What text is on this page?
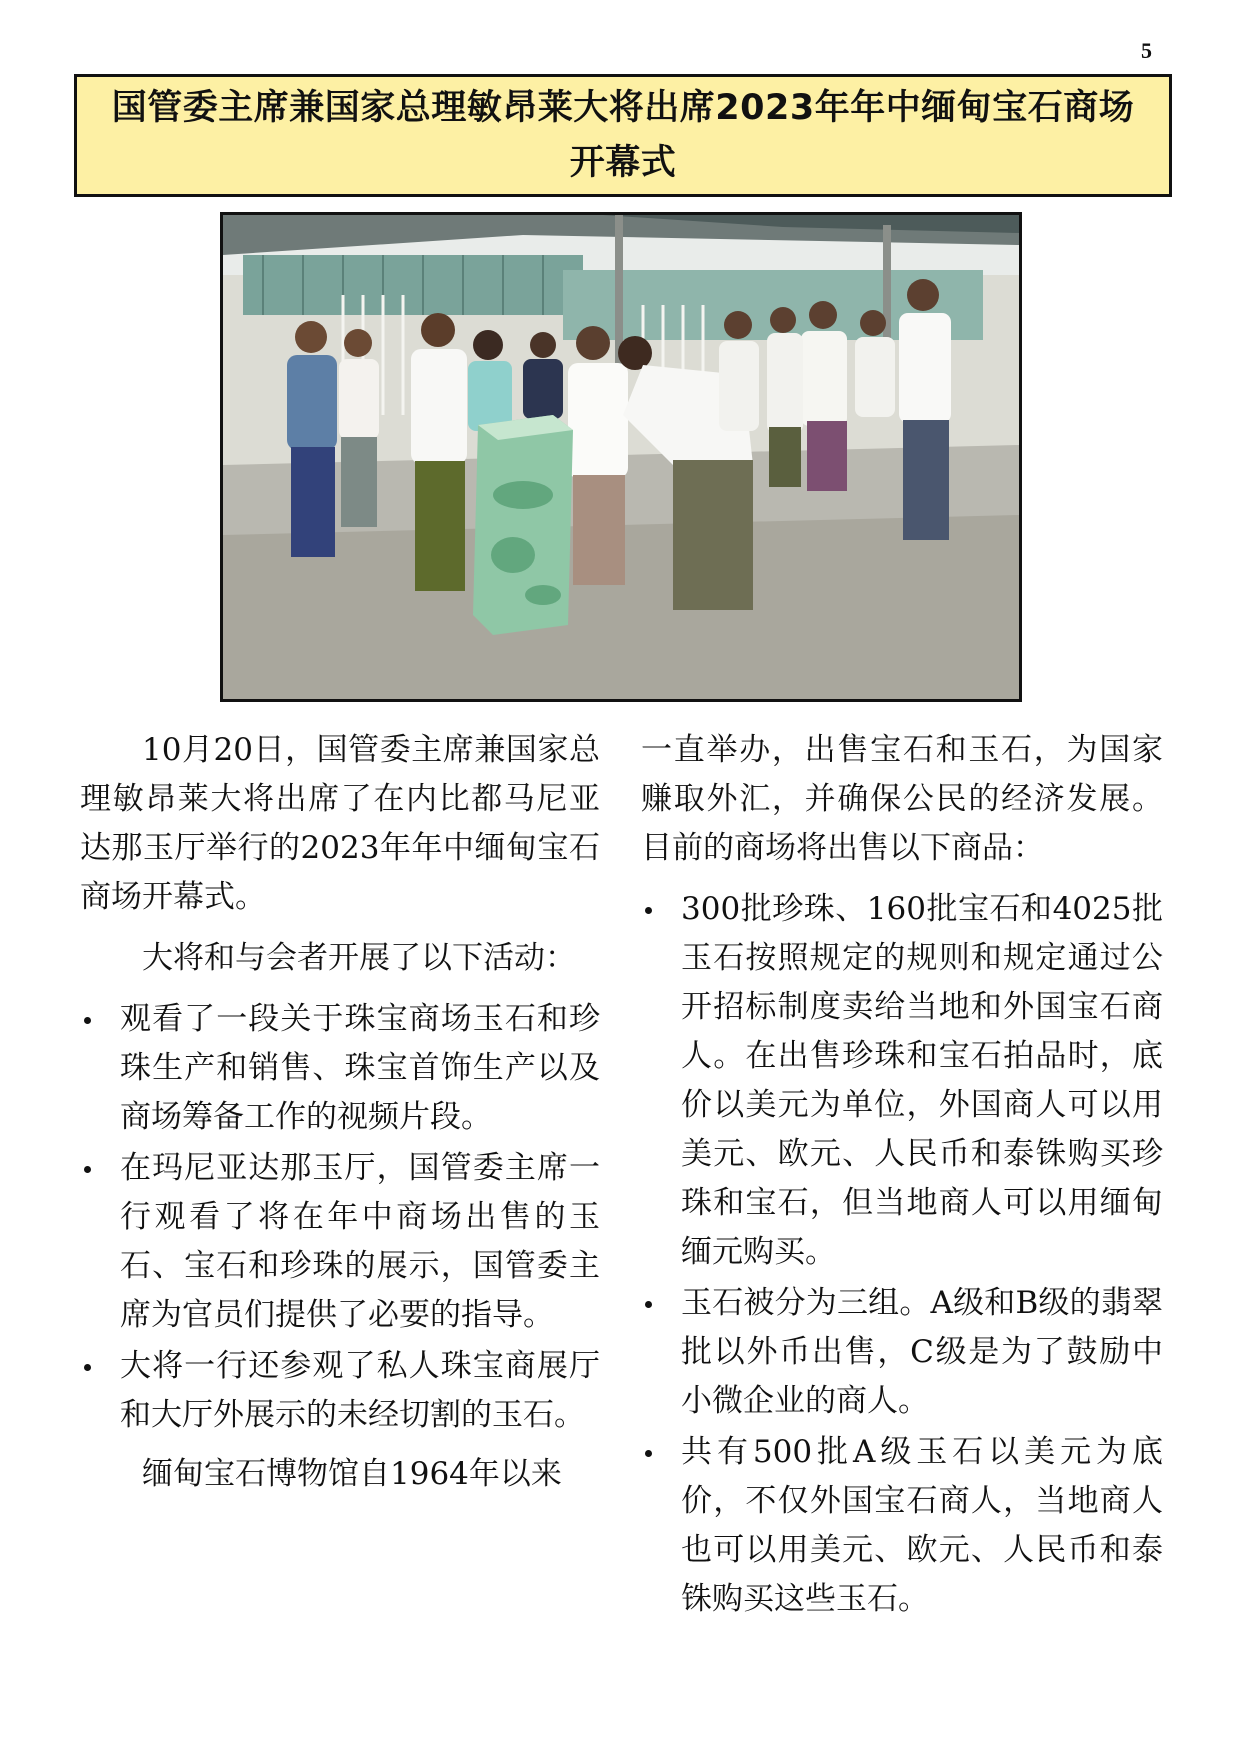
5
国管委主席兼国家总理敏昂莱大将出席2023年年中缅甸宝石商场开幕式

10月20日，国管委主席兼国家总理敏昂莱大将出席了在内比都马尼亚达那玉厅举行的2023年年中缅甸宝石商场开幕式。

大将和与会者开展了以下活动：

观看了一段关于珠宝商场玉石和珍珠生产和销售、珠宝首饰生产以及商场筹备工作的视频片段。
在玛尼亚达那玉厅，国管委主席一行观看了将在年中商场出售的玉石、宝石和珍珠的展示，国管委主席为官员们提供了必要的指导。
大将一行还参观了私人珠宝商展厅和大厅外展示的未经切割的玉石。

缅甸宝石博物馆自1964年以来

一直举办，出售宝石和玉石，为国家赚取外汇，并确保公民的经济发展。目前的商场将出售以下商品：

300批珍珠、160批宝石和4025批玉石按照规定的规则和规定通过公开招标制度卖给当地和外国宝石商人。在出售珍珠和宝石拍品时，底价以美元为单位，外国商人可以用美元、欧元、人民币和泰铢购买珍珠和宝石，但当地商人可以用缅甸缅元购买。
玉石被分为三组。A级和B级的翡翠批以外币出售，C级是为了鼓励中小微企业的商人。
共有500批A级玉石以美元为底价，不仅外国宝石商人，当地商人也可以用美元、欧元、人民币和泰铢购买这些玉石。
